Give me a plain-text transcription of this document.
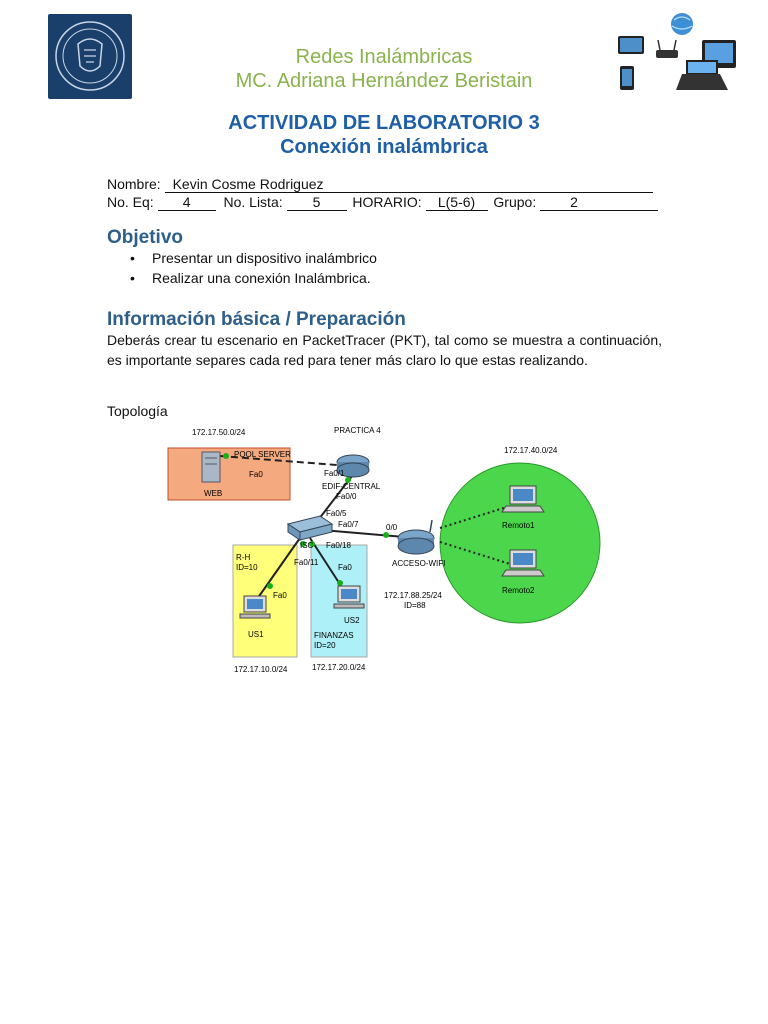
Redes Inalámbricas
MC. Adriana Hernández Beristain
ACTIVIDAD DE LABORATORIO 3
Conexión inalámbrica
Nombre: Kevin Cosme Rodriguez
No. Eq: 4 No. Lista: 5 HORARIO: L(5-6) Grupo: 2
Objetivo
• Presentar un dispositivo inalámbrico
• Realizar una conexión Inalámbrica.
Información básica / Preparación
Deberás crear tu escenario en PacketTracer (PKT), tal como se muestra a continuación, es importante separes cada red para tener más claro lo que estas realizando.
Topología
172.17.50.0/24	PRACTICA 4
172.17.40.0/24
POOL SERVER
WEB
Fa0	Fa0/1
EDIF-CENTRAL
Fa0/0
Fa0/5
Fa0/7	0/0
ACCESO-WIFI
ISC Fa0/18
Fa0/11
Fa0
Fa0
R-H
ID=10
US1
US2
FINANZAS
ID=20
172.17.88.25/24
ID=88
Remoto1
Remoto2
172.17.10.0/24	172.17.20.0/24
